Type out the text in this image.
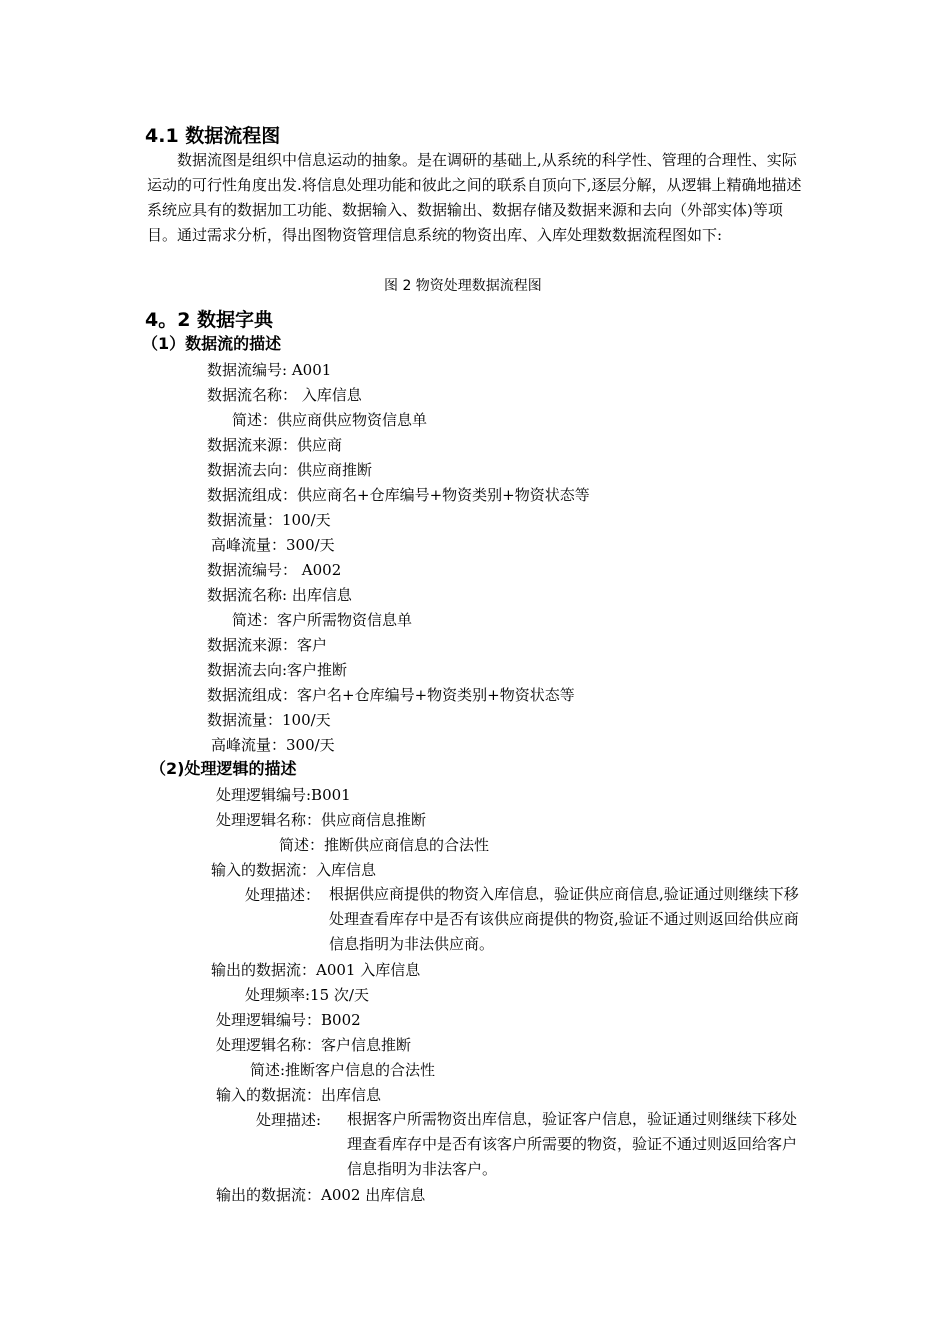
4.1 数据流程图
数据流图是组织中信息运动的抽象。是在调研的基础上,从系统的科学性、管理的合理性、实际运动的可行性角度出发.将信息处理功能和彼此之间的联系自顶向下,逐层分解，从逻辑上精确地描述系统应具有的数据加工功能、数据输入、数据输出、数据存储及数据来源和去向（外部实体)等项目。通过需求分析，得出图物资管理信息系统的物资出库、入库处理数数据流程图如下:
图 2 物资处理数据流程图
4。2 数据字典
（1）数据流的描述
数据流编号: A001
数据流名称： 入库信息
简述：供应商供应物资信息单
数据流来源：供应商
数据流去向：供应商推断
数据流组成：供应商名+仓库编号+物资类别+物资状态等
数据流量：100/天
高峰流量：300/天
数据流编号： A002
数据流名称: 出库信息
简述：客户所需物资信息单
数据流来源：客户
数据流去向:客户推断
数据流组成：客户名+仓库编号+物资类别+物资状态等
数据流量：100/天
高峰流量：300/天
（2)处理逻辑的描述
处理逻辑编号:B001
处理逻辑名称：供应商信息推断
简述：推断供应商信息的合法性
输入的数据流：入库信息
处理描述： 根据供应商提供的物资入库信息，验证供应商信息,验证通过则继续下移处理查看库存中是否有该供应商提供的物资,验证不通过则返回给供应商信息指明为非法供应商。
输出的数据流：A001 入库信息
处理频率:15 次/天
处理逻辑编号：B002
处理逻辑名称：客户信息推断
简述:推断客户信息的合法性
输入的数据流：出库信息
处理描述: 根据客户所需物资出库信息，验证客户信息，验证通过则继续下移处理查看库存中是否有该客户所需要的物资，验证不通过则返回给客户信息指明为非法客户。
输出的数据流：A002 出库信息
